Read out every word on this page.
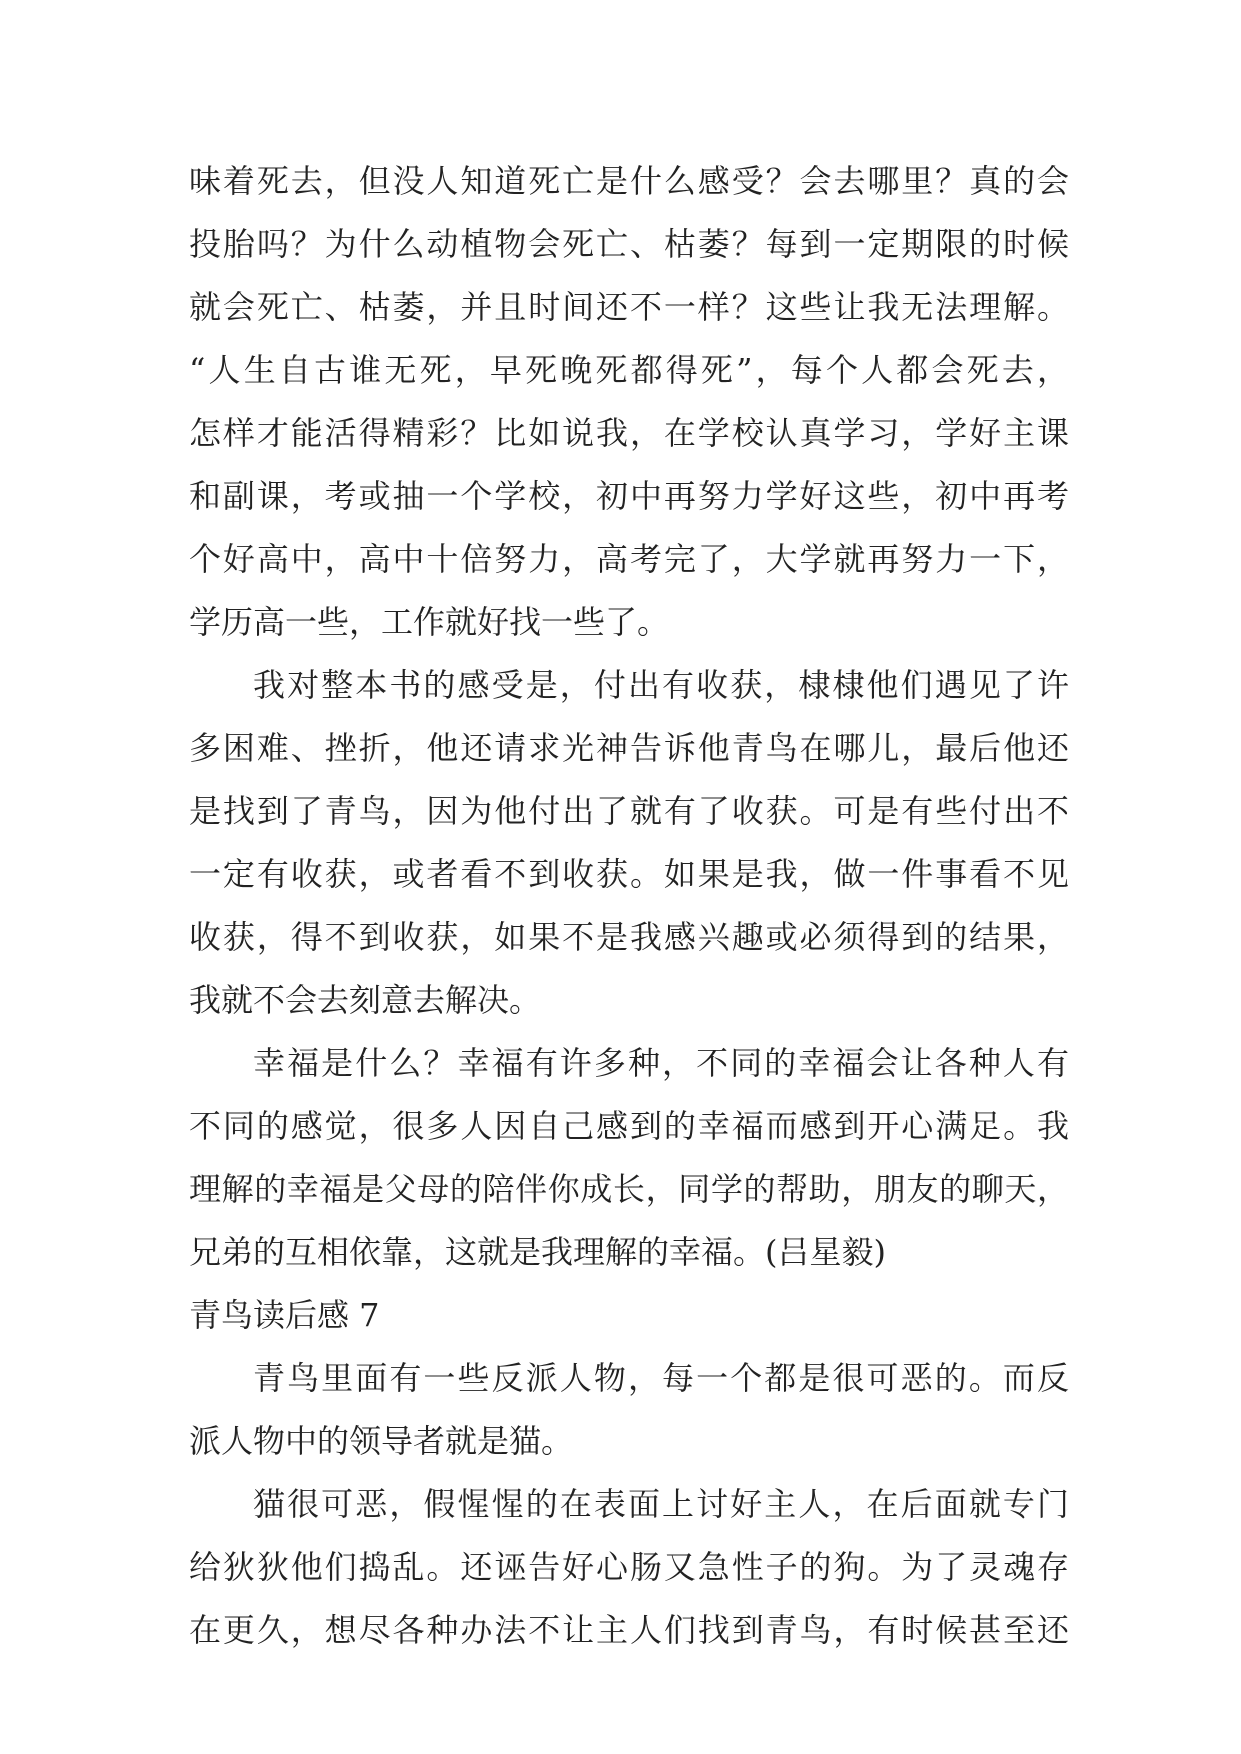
味着死去，但没人知道死亡是什么感受？会去哪里？真的会
投胎吗？为什么动植物会死亡、枯萎？每到一定期限的时候
就会死亡、枯萎，并且时间还不一样？这些让我无法理解。
“人生自古谁无死，早死晚死都得死”，每个人都会死去，
怎样才能活得精彩？比如说我，在学校认真学习，学好主课
和副课，考或抽一个学校，初中再努力学好这些，初中再考
个好高中，高中十倍努力，高考完了，大学就再努力一下，
学历高一些，工作就好找一些了。
我对整本书的感受是，付出有收获，棣棣他们遇见了许
多困难、挫折，他还请求光神告诉他青鸟在哪儿，最后他还
是找到了青鸟，因为他付出了就有了收获。可是有些付出不
一定有收获，或者看不到收获。如果是我，做一件事看不见
收获，得不到收获，如果不是我感兴趣或必须得到的结果，
我就不会去刻意去解决。
幸福是什么？幸福有许多种，不同的幸福会让各种人有
不同的感觉，很多人因自己感到的幸福而感到开心满足。我
理解的幸福是父母的陪伴你成长，同学的帮助，朋友的聊天，
兄弟的互相依靠，这就是我理解的幸福。(吕星毅)
青鸟读后感 7
青鸟里面有一些反派人物，每一个都是很可恶的。而反
派人物中的领导者就是猫。
猫很可恶，假惺惺的在表面上讨好主人，在后面就专门
给狄狄他们捣乱。还诬告好心肠又急性子的狗。为了灵魂存
在更久，想尽各种办法不让主人们找到青鸟，有时候甚至还
